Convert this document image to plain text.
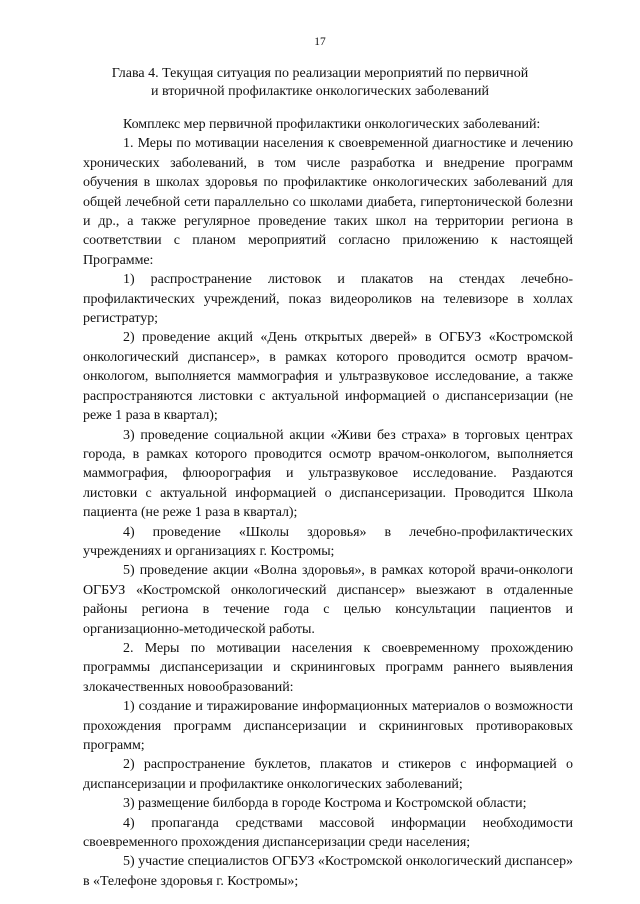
17
Глава 4. Текущая ситуация по реализации мероприятий по первичной
и вторичной профилактике онкологических заболеваний

Комплекс мер первичной профилактики онкологических заболеваний:

1. Меры по мотивации населения к своевременной диагностике и лечению хронических заболеваний, в том числе разработка и внедрение программ обучения в школах здоровья по профилактике онкологических заболеваний для общей лечебной сети параллельно со школами диабета, гипертонической болезни и др., а также регулярное проведение таких школ на территории региона в соответствии с планом мероприятий согласно приложению к настоящей Программе:

1) распространение листовок и плакатов на стендах лечебно-профилактических учреждений, показ видеороликов на телевизоре в холлах регистратур;

2) проведение акций «День открытых дверей» в ОГБУЗ «Костромской онкологический диспансер», в рамках которого проводится осмотр врачом-онкологом, выполняется маммография и ультразвуковое исследование, а также распространяются листовки с актуальной информацией о диспансеризации (не реже 1 раза в квартал);

3) проведение социальной акции «Живи без страха» в торговых центрах города, в рамках которого проводится осмотр врачом-онкологом, выполняется маммография, флюорография и ультразвуковое исследование. Раздаются листовки с актуальной информацией о диспансеризации. Проводится Школа пациента (не реже 1 раза в квартал);

4) проведение «Школы здоровья» в лечебно-профилактических учреждениях и организациях г. Костромы;

5) проведение акции «Волна здоровья», в рамках которой врачи-онкологи ОГБУЗ «Костромской онкологический диспансер» выезжают в отдаленные районы региона в течение года с целью консультации пациентов и организационно-методической работы.

2. Меры по мотивации населения к своевременному прохождению программы диспансеризации и скрининговых программ раннего выявления злокачественных новообразований:

1) создание и тиражирование информационных материалов о возможности прохождения программ диспансеризации и скрининговых противораковых программ;

2) распространение буклетов, плакатов и стикеров с информацией о диспансеризации и профилактике онкологических заболеваний;

3) размещение билборда в городе Кострома и Костромской области;

4) пропаганда средствами массовой информации необходимости своевременного прохождения диспансеризации среди населения;

5) участие специалистов ОГБУЗ «Костромской онкологический диспансер» в «Телефоне здоровья г. Костромы»;
